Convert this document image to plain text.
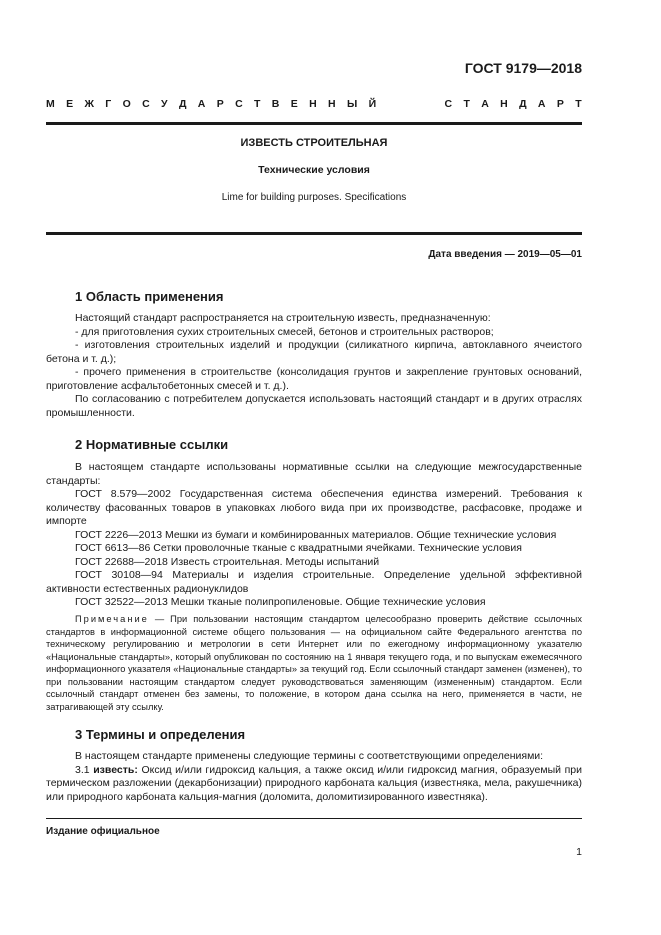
ГОСТ 9179—2018
М Е Ж Г О С У Д А Р С Т В Е Н Н Ы Й

	С Т А Н Д А Р Т
ИЗВЕСТЬ СТРОИТЕЛЬНАЯ
Технические условия
Lime for building purposes. Specifications
Дата введения — 2019—05—01
1 Область применения

Настоящий стандарт распространяется на строительную известь, предназначенную:

- для приготовления сухих строительных смесей, бетонов и строительных растворов;

- изготовления строительных изделий и продукции (силикатного кирпича, автоклавного ячеистого бетона и т. д.);

- прочего применения в строительстве (консолидация грунтов и закрепление грунтовых оснований, приготовление асфальтобетонных смесей и т. д.).

По согласованию с потребителем допускается использовать настоящий стандарт и в других отраслях промышленности.

2 Нормативные ссылки

В настоящем стандарте использованы нормативные ссылки на следующие межгосударственные стандарты:

ГОСТ 8.579—2002 Государственная система обеспечения единства измерений. Требования к количеству фасованных товаров в упаковках любого вида при их производстве, расфасовке, продаже и импорте

ГОСТ 2226—2013 Мешки из бумаги и комбинированных материалов. Общие технические условия

ГОСТ 6613—86 Сетки проволочные тканые с квадратными ячейками. Технические условия

ГОСТ 22688—2018 Известь строительная. Методы испытаний

ГОСТ 30108—94 Материалы и изделия строительные. Определение удельной эффективной активности естественных радионуклидов

ГОСТ 32522—2013 Мешки тканые полипропиленовые. Общие технические условия

Примечание — При пользовании настоящим стандартом целесообразно проверить действие ссылочных стандартов в информационной системе общего пользования — на официальном сайте Федерального агентства по техническому регулированию и метрологии в сети Интернет или по ежегодному информационному указателю «Национальные стандарты», который опубликован по состоянию на 1 января текущего года, и по выпускам ежемесячного информационного указателя «Национальные стандарты» за текущий год. Если ссылочный стандарт заменен (изменен), то при пользовании настоящим стандартом следует руководствоваться заменяющим (измененным) стандартом. Если ссылочный стандарт отменен без замены, то положение, в котором дана ссылка на него, применяется в части, не затрагивающей эту ссылку.

3 Термины и определения

В настоящем стандарте применены следующие термины с соответствующими определениями:

3.1 известь: Оксид и/или гидроксид кальция, а также оксид и/или гидроксид магния, образуемый при термическом разложении (декарбонизации) природного карбоната кальция (известняка, мела, ракушечника) или природного карбоната кальция-магния (доломита, доломитизированного известняка).

Издание официальное
1
